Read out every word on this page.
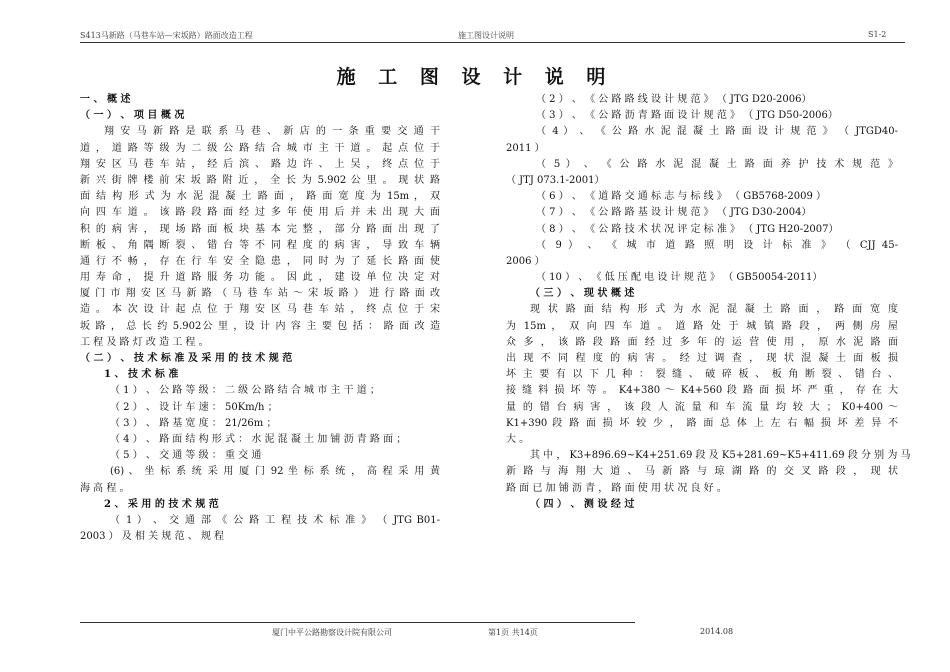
S413马新路（马巷车站—宋坂路）路面改造工程	施工图设计说明	S1-2
施 工 图 设 计 说 明
一 、 概 述
（ 一 ） 、 项 目 概 况
翔 安 马 新 路 是 联 系 马 巷 、 新 店 的 一 条 重 要 交 通 干
道 ， 道 路 等 级 为 二 级 公 路 结 合 城 市 主 干 道 。 起 点 位 于
翔 安 区 马 巷 车 站 ， 经 后 滨 、 路 边 许 、 上 吴 ， 终 点 位 于
新 兴 街 牌 楼 前 宋 坂 路 附 近 ， 全 长 为 5.902 公 里 。 现 状 路
面 结 构 形 式 为 水 泥 混 凝 土 路 面 ， 路 面 宽 度 为 15m ， 双
向 四 车 道 。 该 路 段 路 面 经 过 多 年 使 用 后 并 未 出 现 大 面
积 的 病 害 ， 现 场 路 面 板 块 基 本 完 整 ， 部 分 路 面 出 现 了
断 板 、 角 隅 断 裂 、 错 台 等 不 同 程 度 的 病 害 ， 导 致 车 辆
通 行 不 畅 ， 存 在 行 车 安 全 隐 患 ， 同 时 为 了 延 长 路 面 使
用 寿 命 ， 提 升 道 路 服 务 功 能 。 因 此 ， 建 设 单 位 决 定 对
厦 门 市 翔 安 区 马 新 路 （ 马 巷 车 站 ～ 宋 坂 路 ） 进 行 路 面 改
造 。 本 次 设 计 起 点 位 于 翔 安 区 马 巷 车 站 ， 终 点 位 于 宋
坂 路 ， 总 长 约 5.902公 里 ，设 计 内 容 主 要 包 括 ： 路 面 改 造
工 程 及 路 灯 改 造 工 程 。
（ 二 ） 、 技 术 标 准 及 采 用 的 技 术 规 范
1 、 技 术 标 准
（ 1 ） 、 公 路 等 级 ： 二 级 公 路 结 合 城 市 主 干 道 ；
（ 2 ） 、 设 计 车 速 ： 50Km/h ；
（ 3 ） 、 路 基 宽 度 ： 21/26m ；
（ 4 ） 、 路 面 结 构 形 式 ： 水 泥 混 凝 土 加 铺 沥 青 路 面 ；
（ 5 ） 、 交 通 等 级 ： 重 交 通
(6) 、 坐 标 系 统 采 用 厦 门 92 坐 标 系 统 ， 高 程 采 用 黄
海 高 程 。
2 、 采 用 的 技 术 规 范
（ 1 ） 、 交 通 部 《 公 路 工 程 技 术 标 准 》 （ JTG B01-
2003 ） 及 相 关 规 范 、 规 程
（ 2 ） 、 《 公 路 路 线 设 计 规 范 》 （ JTG D20-2006）
（ 3 ） 、 《 公 路 沥 青 路 面 设 计 规 范 》 （ JTG D50-2006）
（ 4 ） 、 《 公 路 水 泥 混 凝 土 路 面 设 计 规 范 》 （ JTGD40-
2011 ）
（ 5 ） 、 《 公 路 水 泥 混 凝 土 路 面 养 护 技 术 规 范 》
（ JTJ 073.1-2001）
（ 6 ） 、 《 道 路 交 通 标 志 与 标 线 》 （ GB5768-2009 ）
（ 7 ） 、 《 公 路 路 基 设 计 规 范 》 （ JTG D30-2004）
（ 8 ） 、 《 公 路 技 术 状 况 评 定 标 准 》 （ JTG H20-2007）
（ 9 ） 、 《 城 市 道 路 照 明 设 计 标 准 》 （ CJJ 45-
2006 ）
（ 10 ） 、 《 低 压 配 电 设 计 规 范 》 （ GB50054-2011）
（ 三 ） 、 现 状 概 述
现 状 路 面 结 构 形 式 为 水 泥 混 凝 土 路 面 ， 路 面 宽 度
为 15m ， 双 向 四 车 道 。 道 路 处 于 城 镇 路 段 ， 两 侧 房 屋
众 多 ， 该 路 段 路 面 经 过 多 年 的 运 营 使 用 ， 原 水 泥 路 面
出 现 不 同 程 度 的 病 害 。 经 过 调 查 ， 现 状 混 凝 土 面 板 损
坏 主 要 有 以 下 几 种 ： 裂 缝 、 破 碎 板 、 板 角 断 裂 、 错 台 、
接 缝 料 损 坏 等 。 K4+380 ～ K4+560 段 路 面 损 坏 严 重 ， 存 在 大
量 的 错 台 病 害 ， 该 段 人 流 量 和 车 流 量 均 较 大 ； K0+400 ～
K1+390 段 路 面 损 坏 较 少 ， 路 面 总 体 上 左 右 幅 损 坏 差 异 不
大 。
其 中 ， K3+896.69~K4+251.69 段 及 K5+281.69~K5+411.69 段 分 别 为 马
新 路 与 海 翔 大 道 、 马 新 路 与 琼 湖 路 的 交 叉 路 段 ， 现 状
路 面 已 加 铺 沥 青 ， 路 面 使 用 状 况 良 好 。
（ 四 ） 、 测 设 经 过
厦门中平公路勘察设计院有限公司	第1页 共14页	2014.08
